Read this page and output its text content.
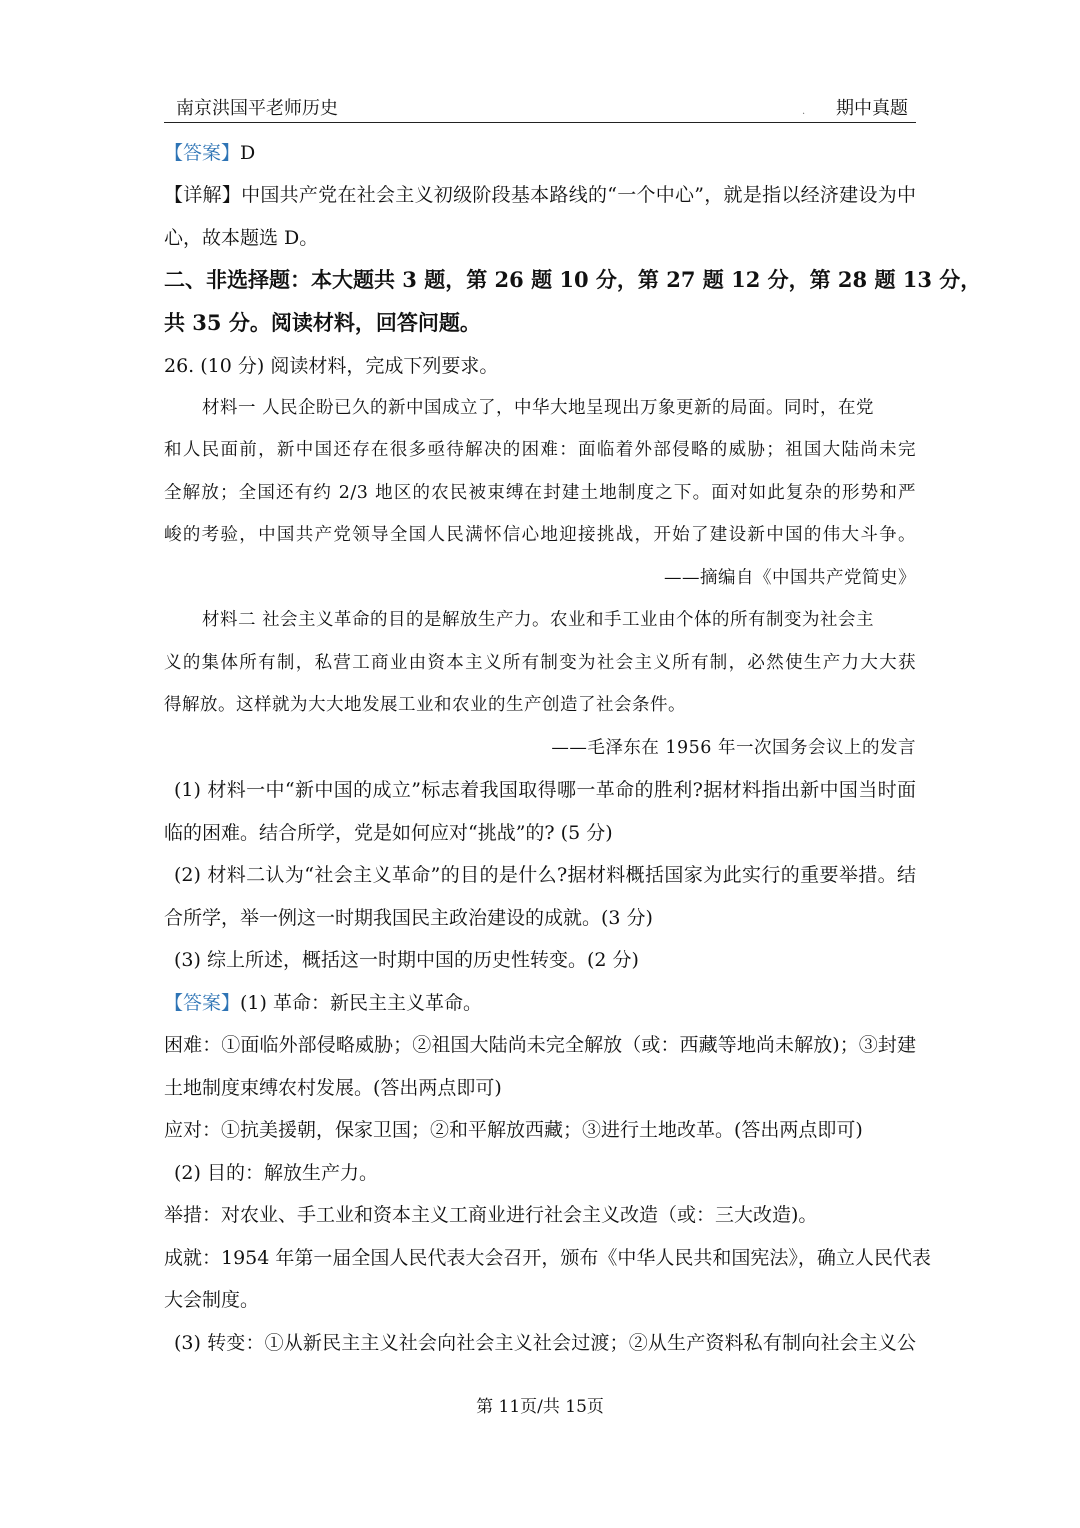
南京洪国平老师历史	. 期中真题
【答案】D
【详解】中国共产党在社会主义初级阶段基本路线的“一个中心”，就是指以经济建设为中
心，故本题选 D。
二、非选择题：本大题共 3 题，第 26 题 10 分，第 27 题 12 分，第 28 题 13 分，
共 35 分。阅读材料，回答问题。
26. (10 分) 阅读材料，完成下列要求。
材料一 人民企盼已久的新中国成立了，中华大地呈现出万象更新的局面。同时，在党
和人民面前，新中国还存在很多亟待解决的困难：面临着外部侵略的威胁；祖国大陆尚未完
全解放；全国还有约 2/3 地区的农民被束缚在封建土地制度之下。面对如此复杂的形势和严
峻的考验，中国共产党领导全国人民满怀信心地迎接挑战，开始了建设新中国的伟大斗争。
——摘编自《中国共产党简史》
材料二 社会主义革命的目的是解放生产力。农业和手工业由个体的所有制变为社会主
义的集体所有制，私营工商业由资本主义所有制变为社会主义所有制，必然使生产力大大获
得解放。这样就为大大地发展工业和农业的生产创造了社会条件。
——毛泽东在 1956 年一次国务会议上的发言
(1) 材料一中“新中国的成立”标志着我国取得哪一革命的胜利?据材料指出新中国当时面
临的困难。结合所学，党是如何应对“挑战”的? (5 分)
(2) 材料二认为“社会主义革命”的目的是什么?据材料概括国家为此实行的重要举措。结
合所学，举一例这一时期我国民主政治建设的成就。(3 分)
(3) 综上所述，概括这一时期中国的历史性转变。(2 分)
【答案】(1) 革命：新民主主义革命。
困难：①面临外部侵略威胁；②祖国大陆尚未完全解放（或：西藏等地尚未解放)；③封建
土地制度束缚农村发展。(答出两点即可)
应对：①抗美援朝，保家卫国；②和平解放西藏；③进行土地改革。(答出两点即可)
(2) 目的：解放生产力。
举措：对农业、手工业和资本主义工商业进行社会主义改造（或：三大改造)。
成就：1954 年第一届全国人民代表大会召开，颁布《中华人民共和国宪法》，确立人民代表
大会制度。
(3) 转变：①从新民主主义社会向社会主义社会过渡；②从生产资料私有制向社会主义公
第 11页/共 15页
